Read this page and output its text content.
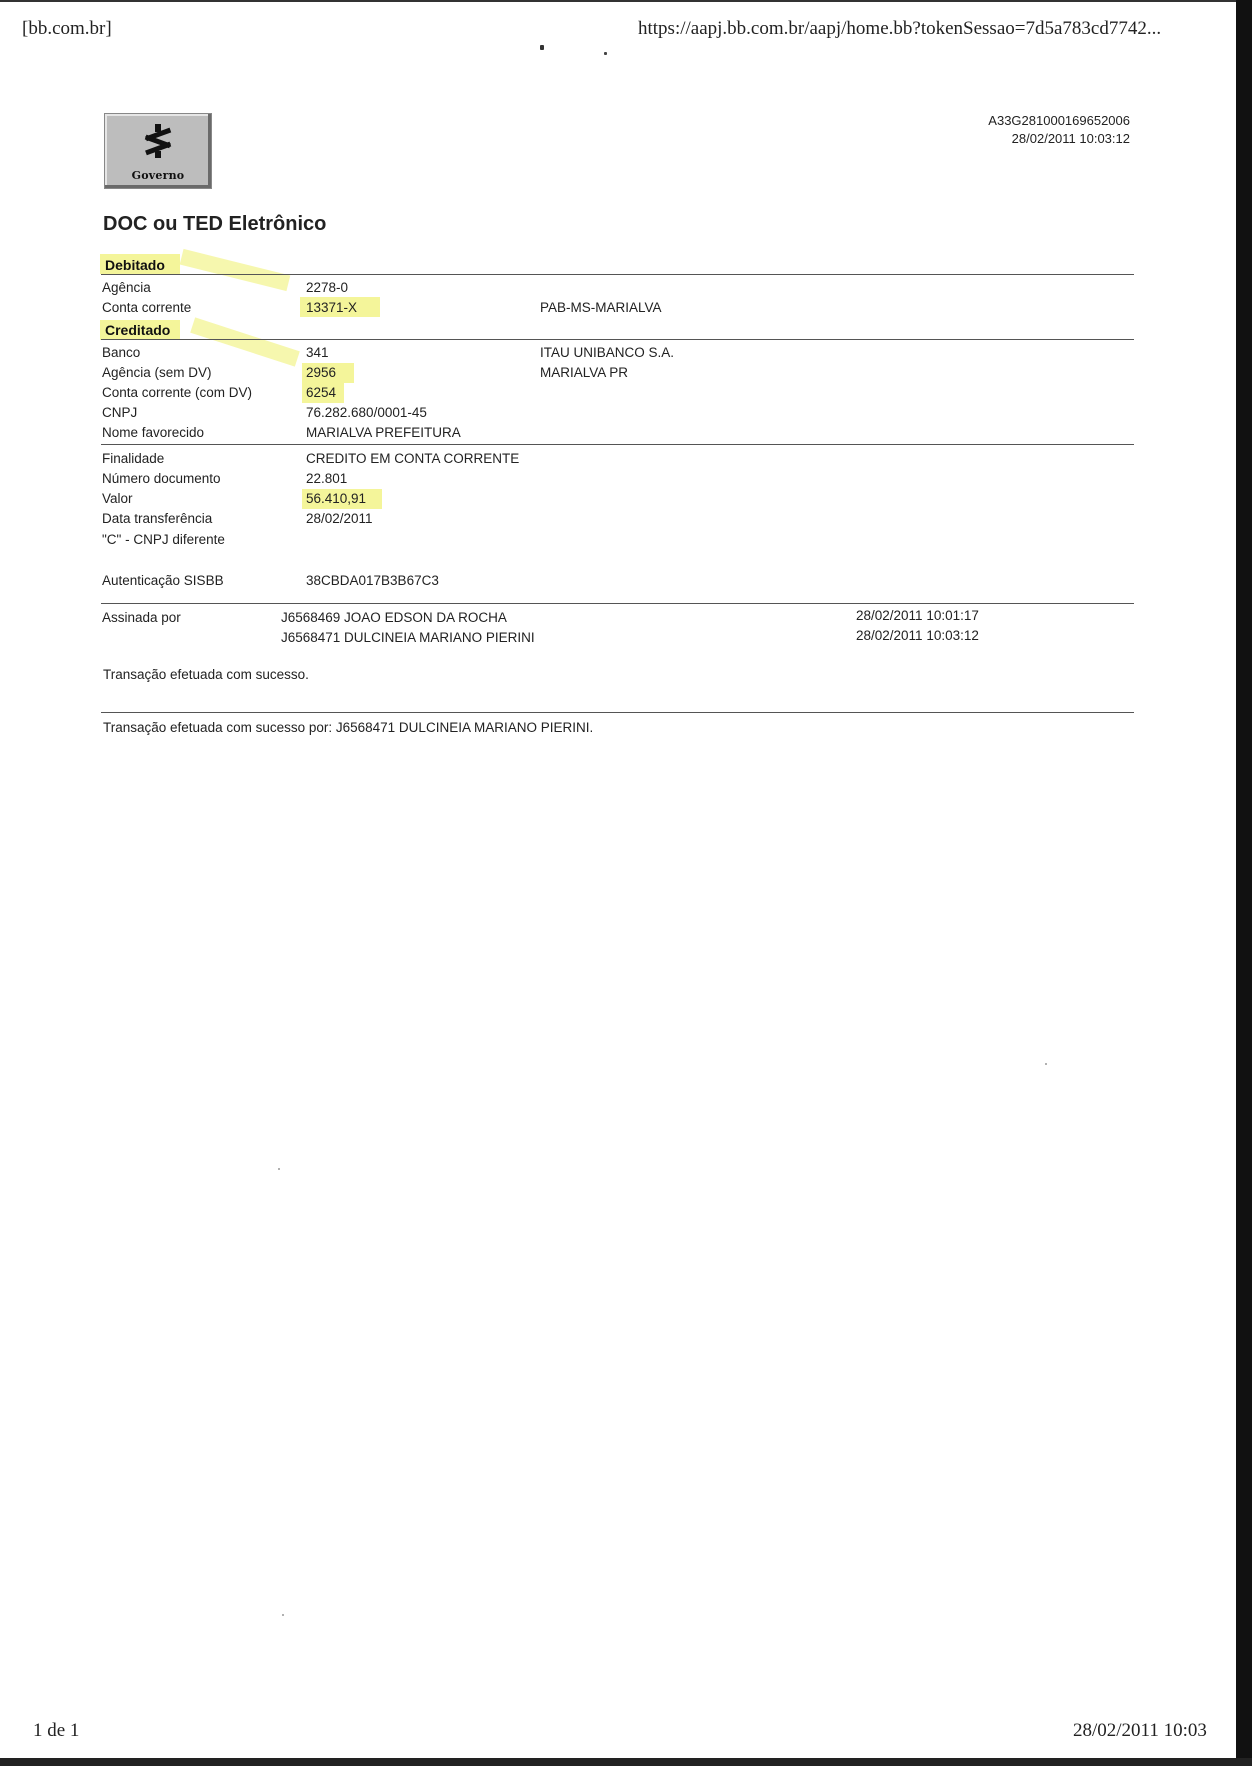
[bb.com.br]	https://aapj.bb.com.br/aapj/home.bb?tokenSessao=7d5a783cd7742...
1 de 1	28/02/2011 10:03
Governo
A33G281000169652006
28/02/2011 10:03:12
DOC ou TED Eletrônico
Debitado
Agência	2278-0
Conta corrente	13371-X	PAB-MS-MARIALVA
Creditado
Banco	341	ITAU UNIBANCO S.A.
Agência (sem DV)	2956	MARIALVA PR
Conta corrente (com DV)	6254
CNPJ	76.282.680/0001-45
Nome favorecido	MARIALVA PREFEITURA
Finalidade	CREDITO EM CONTA CORRENTE
Número documento	22.801
Valor	56.410,91
Data transferência	28/02/2011
"C" - CNPJ diferente
Autenticação SISBB	38CBDA017B3B67C3
Assinada por	J6568469 JOAO EDSON DA ROCHA	28/02/2011 10:01:17
J6568471 DULCINEIA MARIANO PIERINI	28/02/2011 10:03:12
Transação efetuada com sucesso.
Transação efetuada com sucesso por: J6568471 DULCINEIA MARIANO PIERINI.
